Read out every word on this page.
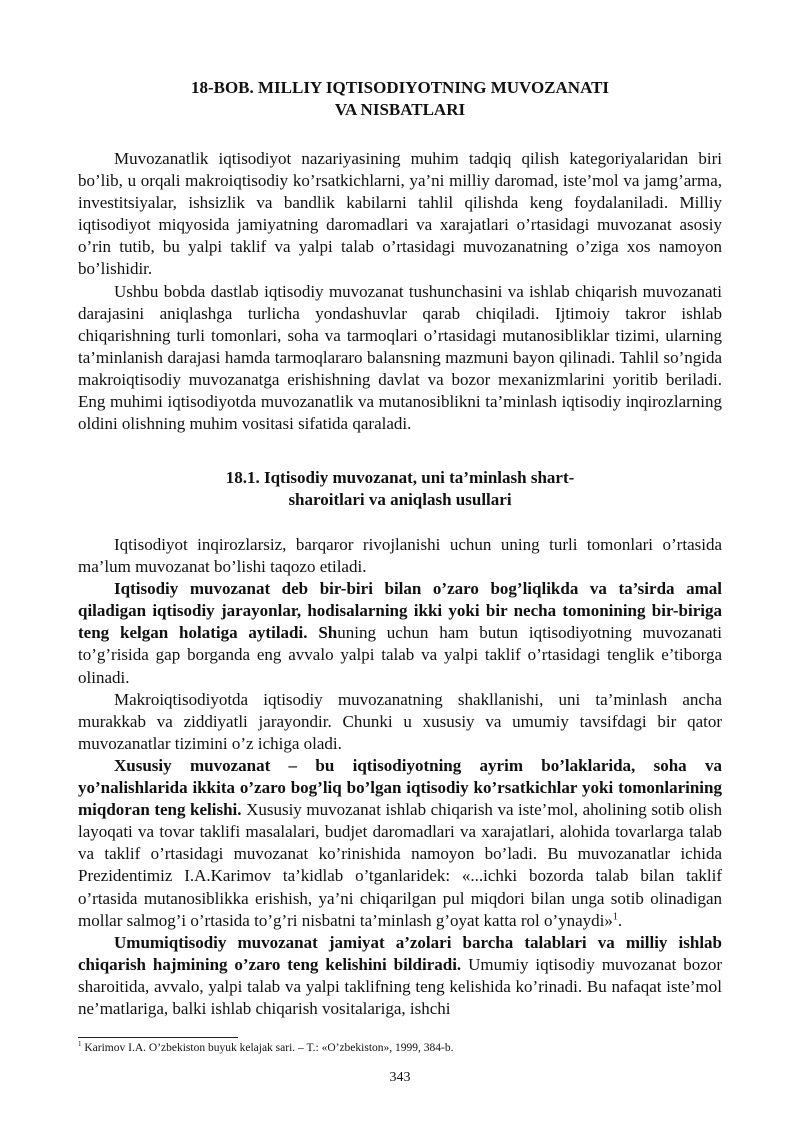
18-BOB. MILLIY IQTISODIYOTNING MUVOZANATI
VA NISBATLARI

Muvozanatlik iqtisodiyot nazariyasining muhim tadqiq qilish kategoriyalaridan biri bo’lib, u orqali makroiqtisodiy ko’rsatkichlarni, ya’ni milliy daromad, iste’mol va jamg’arma, investitsiyalar, ishsizlik va bandlik kabilarni tahlil qilishda keng foydalaniladi. Milliy iqtisodiyot miqyosida jamiyatning daromadlari va xarajatlari o’rtasidagi muvozanat asosiy o’rin tutib, bu yalpi taklif va yalpi talab o’rtasidagi muvozanatning o’ziga xos namoyon bo’lishidir.

Ushbu bobda dastlab iqtisodiy muvozanat tushunchasini va ishlab chiqarish muvozanati darajasini aniqlashga turlicha yondashuvlar qarab chiqiladi. Ijtimoiy takror ishlab chiqarishning turli tomonlari, soha va tarmoqlari o’rtasidagi mutanosibliklar tizimi, ularning ta’minlanish darajasi hamda tarmoqlararo balansning mazmuni bayon qilinadi. Tahlil so’ngida makroiqtisodiy muvozanatga erishishning davlat va bozor mexanizmlarini yoritib beriladi. Eng muhimi iqtisodiyotda muvozanatlik va mutanosiblikni ta’minlash iqtisodiy inqirozlarning oldini olishning muhim vositasi sifatida qaraladi.

18.1. Iqtisodiy muvozanat, uni ta’minlash shart-
sharoitlari va aniqlash usullari

Iqtisodiyot inqirozlarsiz, barqaror rivojlanishi uchun uning turli tomonlari o’rtasida ma’lum muvozanat bo’lishi taqozo etiladi.

Iqtisodiy muvozanat deb bir-biri bilan o’zaro bog’liqlikda va ta’sirda amal qiladigan iqtisodiy jarayonlar, hodisalarning ikki yoki bir necha tomonining bir-biriga teng kelgan holatiga aytiladi. Shuning uchun ham butun iqtisodiyotning muvozanati to’g’risida gap borganda eng avvalo yalpi talab va yalpi taklif o’rtasidagi tenglik e’tiborga olinadi.

Makroiqtisodiyotda iqtisodiy muvozanatning shakllanishi, uni ta’minlash ancha murakkab va ziddiyatli jarayondir. Chunki u xususiy va umumiy tavsifdagi bir qator muvozanatlar tizimini o’z ichiga oladi.

Xususiy muvozanat – bu iqtisodiyotning ayrim bo’laklarida, soha va yo’nalishlarida ikkita o’zaro bog’liq bo’lgan iqtisodiy ko’rsatkichlar yoki tomonlarining miqdoran teng kelishi. Xususiy muvozanat ishlab chiqarish va iste’mol, aholining sotib olish layoqati va tovar taklifi masalalari, budjet daromadlari va xarajatlari, alohida tovarlarga talab va taklif o’rtasidagi muvozanat ko’rinishida namoyon bo’ladi. Bu muvozanatlar ichida Prezidentimiz I.A.Karimov ta’kidlab o’tganlaridek: «...ichki bozorda talab bilan taklif o’rtasida mutanosiblikka erishish, ya’ni chiqarilgan pul miqdori bilan unga sotib olinadigan mollar salmog’i o’rtasida to’g’ri nisbatni ta’minlash g’oyat katta rol o’ynaydi»$^1$.

Umumiqtisodiy muvozanat jamiyat a’zolari barcha talablari va milliy ishlab chiqarish hajmining o’zaro teng kelishini bildiradi. Umumiy iqtisodiy muvozanat bozor sharoitida, avvalo, yalpi talab va yalpi taklifning teng kelishida ko’rinadi. Bu nafaqat iste’mol ne’matlariga, balki ishlab chiqarish vositalariga, ishchi

$^1$ Karimov I.A. O’zbekiston buyuk kelajak sari. – T.: «O’zbekiston», 1999, 384-b.
343
